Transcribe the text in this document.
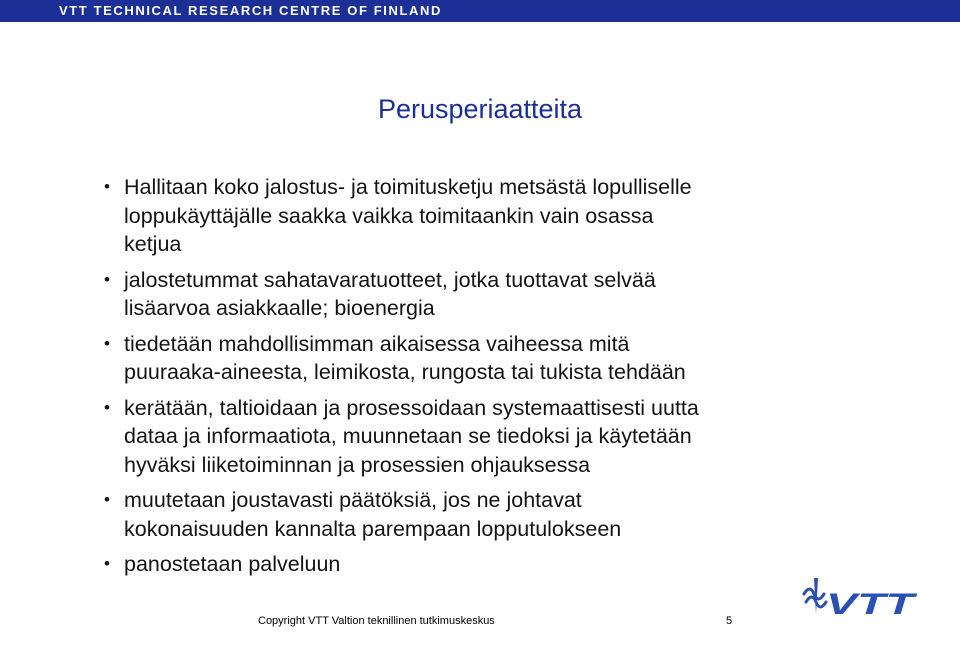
VTT TECHNICAL RESEARCH CENTRE OF FINLAND
Perusperiaatteita
• Hallitaan koko jalostus- ja toimitusketju metsästä lopulliselle
loppukäyttäjälle saakka vaikka toimitaankin vain osassa
ketjua
• jalostetummat sahatavaratuotteet, jotka tuottavat selvää
lisäarvoa asiakkaalle; bioenergia
• tiedetään mahdollisimman aikaisessa vaiheessa mitä
puuraaka-aineesta, leimikosta, rungosta tai tukista tehdään
• kerätään, taltioidaan ja prosessoidaan systemaattisesti uutta
dataa ja informaatiota, muunnetaan se tiedoksi ja käytetään
hyväksi liiketoiminnan ja prosessien ohjauksessa
• muutetaan joustavasti päätöksiä, jos ne johtavat
kokonaisuuden kannalta parempaan lopputulokseen
• panostetaan palveluun
VTT
Copyright VTT Valtion teknillinen tutkimuskeskus	5
